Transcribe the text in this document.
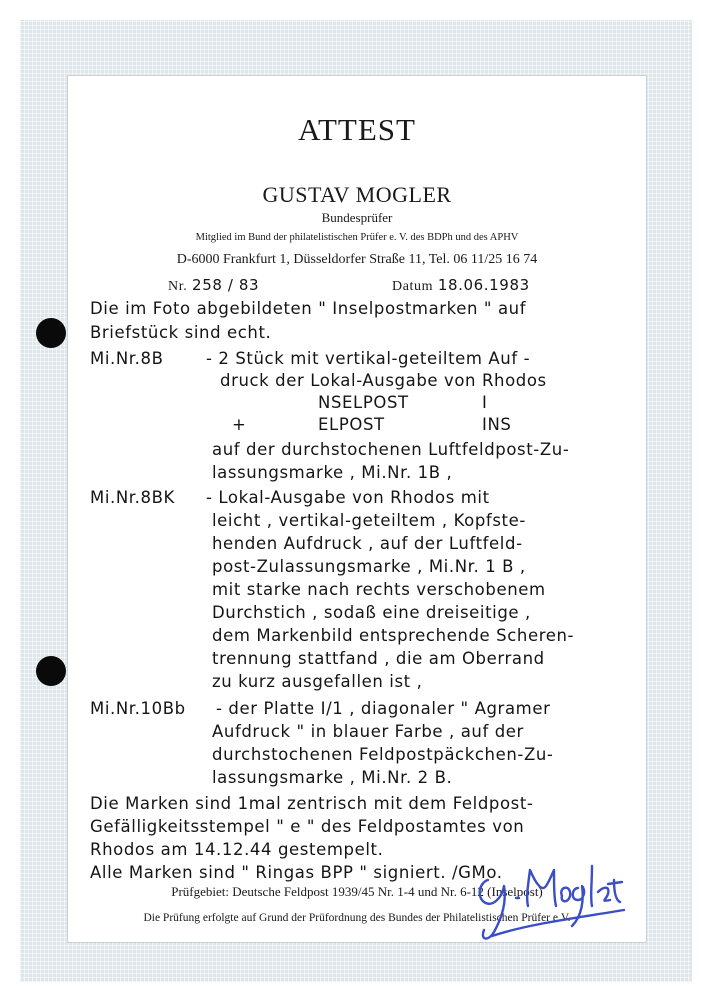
ATTEST
GUSTAV MOGLER
Bundesprüfer
Mitglied im Bund der philatelistischen Prüfer e. V. des BDPh und des APHV
D-6000 Frankfurt 1, Düsseldorfer Straße 11, Tel. 06 11/25 16 74
Nr. 258 / 83	Datum 18.06.1983
Die im Foto abgebildeten " Inselpostmarken " auf
Briefstück sind echt.
Mi.Nr.8B	- 2 Stück mit vertikal-geteiltem Auf -
druck der Lokal-Ausgabe von Rhodos
NSELPOST	I
+	ELPOST	INS
auf der durchstochenen Luftfeldpost-Zu-
lassungsmarke , Mi.Nr. 1B ,
Mi.Nr.8BK - Lokal-Ausgabe von Rhodos mit
leicht , vertikal-geteiltem , Kopfste-
henden Aufdruck , auf der Luftfeld-
post-Zulassungsmarke , Mi.Nr. 1 B ,
mit starke nach rechts verschobenem
Durchstich , sodaß eine dreiseitige ,
dem Markenbild entsprechende Scheren-
trennung stattfand , die am Oberrand
zu kurz ausgefallen ist ,
Mi.Nr.10Bb - der Platte I/1 , diagonaler " Agramer
Aufdruck " in blauer Farbe , auf der
durchstochenen Feldpostpäckchen-Zu-
lassungsmarke , Mi.Nr. 2 B.
Die Marken sind 1mal zentrisch mit dem Feldpost-
Gefälligkeitsstempel " e " des Feldpostamtes von
Rhodos am 14.12.44 gestempelt.
Alle Marken sind " Ringas BPP " signiert. /GMo.
Prüfgebiet: Deutsche Feldpost 1939/45 Nr. 1-4 und Nr. 6-12 (Inselpost)
Die Prüfung erfolgte auf Grund der Prüfordnung des Bundes der Philatelistischen Prüfer e.V.
